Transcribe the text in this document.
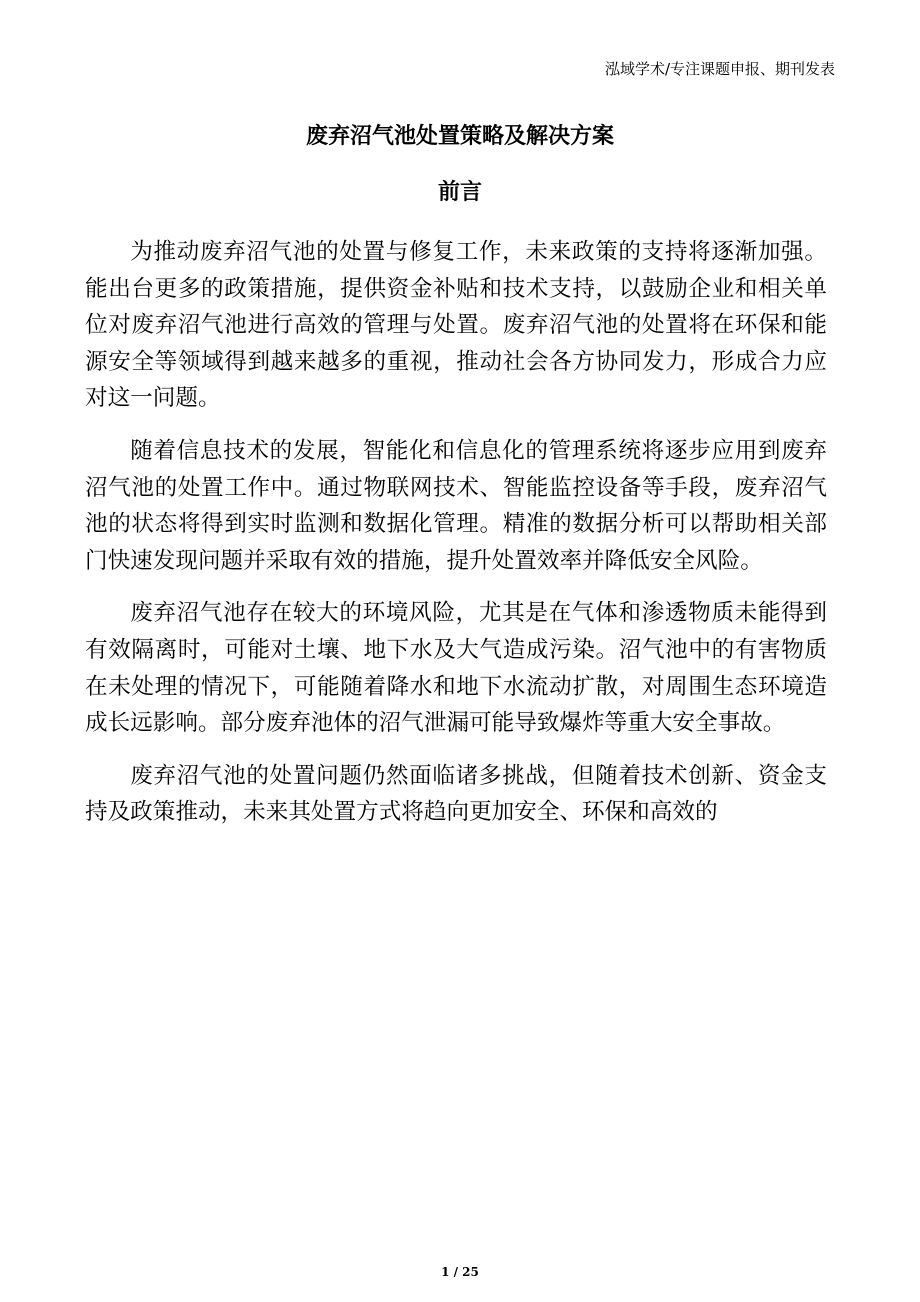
泓域学术/专注课题申报、期刊发表
废弃沼气池处置策略及解决方案
前言

为推动废弃沼气池的处置与修复工作，未来政策的支持将逐渐加强。能出台更多的政策措施，提供资金补贴和技术支持，以鼓励企业和相关单位对废弃沼气池进行高效的管理与处置。废弃沼气池的处置将在环保和能源安全等领域得到越来越多的重视，推动社会各方协同发力，形成合力应对这一问题。

随着信息技术的发展，智能化和信息化的管理系统将逐步应用到废弃沼气池的处置工作中。通过物联网技术、智能监控设备等手段，废弃沼气池的状态将得到实时监测和数据化管理。精准的数据分析可以帮助相关部门快速发现问题并采取有效的措施，提升处置效率并降低安全风险。

废弃沼气池存在较大的环境风险，尤其是在气体和渗透物质未能得到有效隔离时，可能对土壤、地下水及大气造成污染。沼气池中的有害物质在未处理的情况下，可能随着降水和地下水流动扩散，对周围生态环境造成长远影响。部分废弃池体的沼气泄漏可能导致爆炸等重大安全事故。

废弃沼气池的处置问题仍然面临诸多挑战，但随着技术创新、资金支持及政策推动，未来其处置方式将趋向更加安全、环保和高效的

1 / 25
